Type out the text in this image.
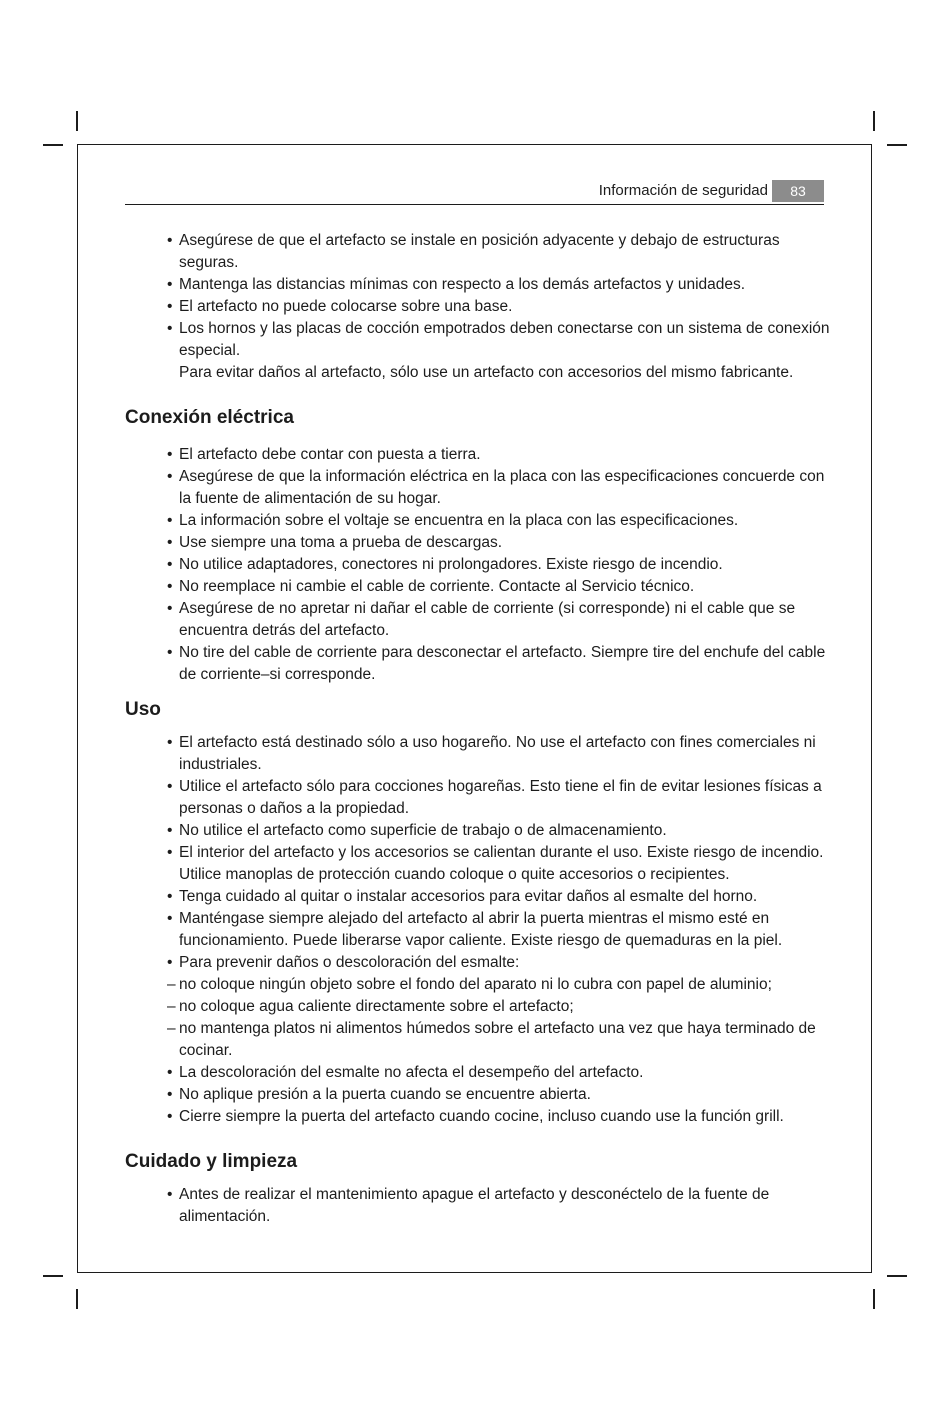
Información de seguridad	83
• Asegúrese de que el artefacto se instale en posición adyacente y debajo de estructuras seguras.
• Mantenga las distancias mínimas con respecto a los demás artefactos y unidades.
• El artefacto no puede colocarse sobre una base.
• Los hornos y las placas de cocción empotrados deben conectarse con un sistema de conexión especial.

Para evitar daños al artefacto, sólo use un artefacto con accesorios del mismo fabricante.

Conexión eléctrica
• El artefacto debe contar con puesta a tierra.
• Asegúrese de que la información eléctrica en la placa con las especificaciones concuerde con la fuente de alimentación de su hogar.
• La información sobre el voltaje se encuentra en la placa con las especificaciones.
• Use siempre una toma a prueba de descargas.
• No utilice adaptadores, conectores ni prolongadores. Existe riesgo de incendio.
• No reemplace ni cambie el cable de corriente. Contacte al Servicio técnico.
• Asegúrese de no apretar ni dañar el cable de corriente (si corresponde) ni el cable que se encuentra detrás del artefacto.
• No tire del cable de corriente para desconectar el artefacto. Siempre tire del enchufe del cable de corriente–si corresponde.
Uso
• El artefacto está destinado sólo a uso hogareño. No use el artefacto con fines comerciales ni industriales.
• Utilice el artefacto sólo para cocciones hogareñas. Esto tiene el fin de evitar lesiones físicas a personas o daños a la propiedad.
• No utilice el artefacto como superficie de trabajo o de almacenamiento.
• El interior del artefacto y los accesorios se calientan durante el uso. Existe riesgo de incendio. Utilice manoplas de protección cuando coloque o quite accesorios o recipientes.
• Tenga cuidado al quitar o instalar accesorios para evitar daños al esmalte del horno.
• Manténgase siempre alejado del artefacto al abrir la puerta mientras el mismo esté en funcionamiento. Puede liberarse vapor caliente. Existe riesgo de quemaduras en la piel.
• Para prevenir daños o descoloración del esmalte:
– no coloque ningún objeto sobre el fondo del aparato ni lo cubra con papel de aluminio;
– no coloque agua caliente directamente sobre el artefacto;
– no mantenga platos ni alimentos húmedos sobre el artefacto una vez que haya terminado de cocinar.
• La descoloración del esmalte no afecta el desempeño del artefacto.
• No aplique presión a la puerta cuando se encuentre abierta.
• Cierre siempre la puerta del artefacto cuando cocine, incluso cuando use la función grill.
Cuidado y limpieza
• Antes de realizar el mantenimiento apague el artefacto y desconéctelo de la fuente de alimentación.
